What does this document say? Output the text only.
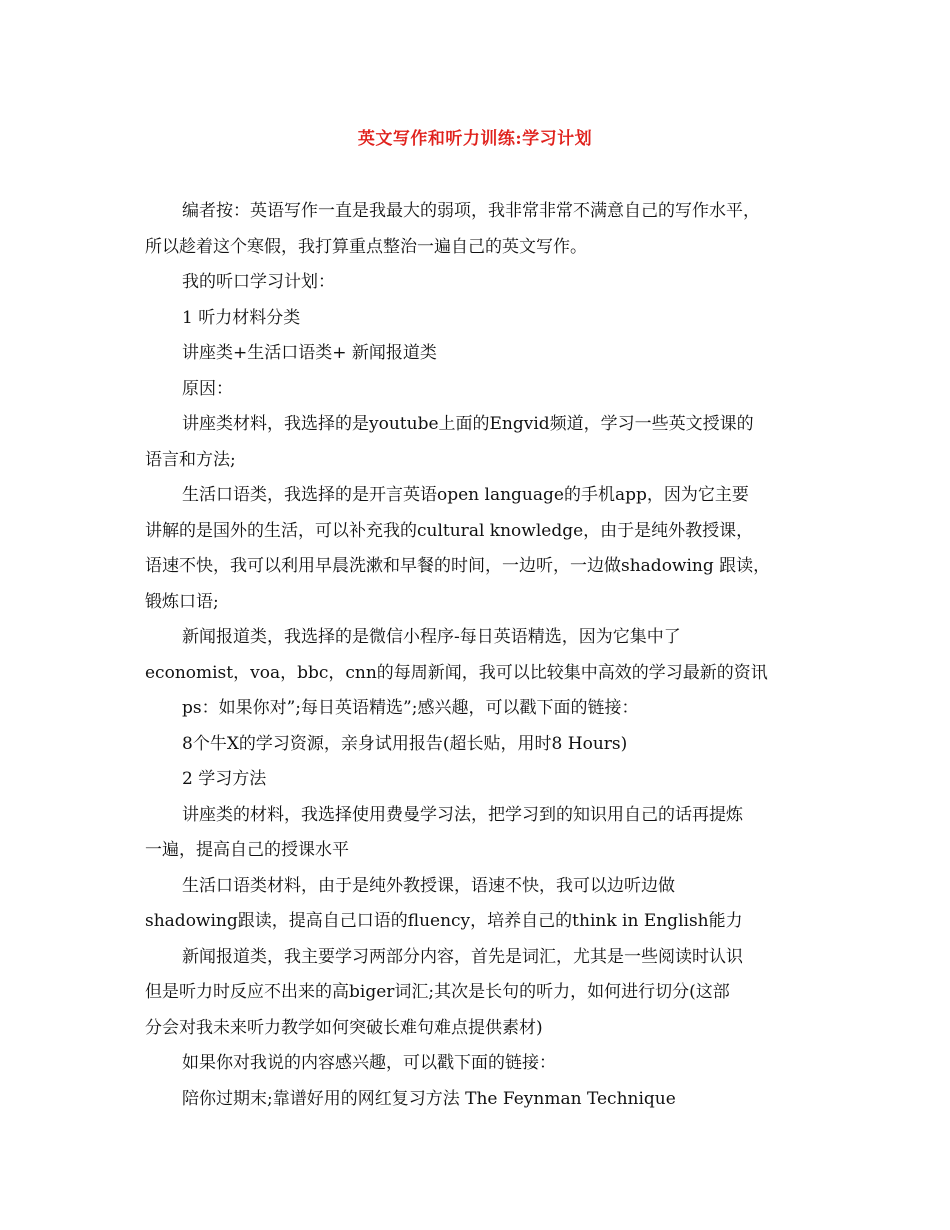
英文写作和听力训练:学习计划
编者按：英语写作一直是我最大的弱项，我非常非常不满意自己的写作水平，
所以趁着这个寒假，我打算重点整治一遍自己的英文写作。
我的听口学习计划：
1 听力材料分类
讲座类+生活口语类+ 新闻报道类
原因：
讲座类材料，我选择的是youtube上面的Engvid频道，学习一些英文授课的
语言和方法;
生活口语类，我选择的是开言英语open language的手机app，因为它主要
讲解的是国外的生活，可以补充我的cultural knowledge，由于是纯外教授课，
语速不快，我可以利用早晨洗漱和早餐的时间，一边听，一边做shadowing 跟读，
锻炼口语;
新闻报道类，我选择的是微信小程序-每日英语精选，因为它集中了
economist，voa，bbc，cnn的每周新闻，我可以比较集中高效的学习最新的资讯
ps：如果你对”;每日英语精选”;感兴趣，可以戳下面的链接：
8个牛X的学习资源，亲身试用报告(超长贴，用时8 Hours)
2 学习方法
讲座类的材料，我选择使用费曼学习法，把学习到的知识用自己的话再提炼
一遍，提高自己的授课水平
生活口语类材料，由于是纯外教授课，语速不快，我可以边听边做
shadowing跟读，提高自己口语的fluency，培养自己的think in English能力
新闻报道类，我主要学习两部分内容，首先是词汇，尤其是一些阅读时认识
但是听力时反应不出来的高biger词汇;其次是长句的听力，如何进行切分(这部
分会对我未来听力教学如何突破长难句难点提供素材)
如果你对我说的内容感兴趣，可以戳下面的链接：
陪你过期末;靠谱好用的网红复习方法 The Feynman Technique
